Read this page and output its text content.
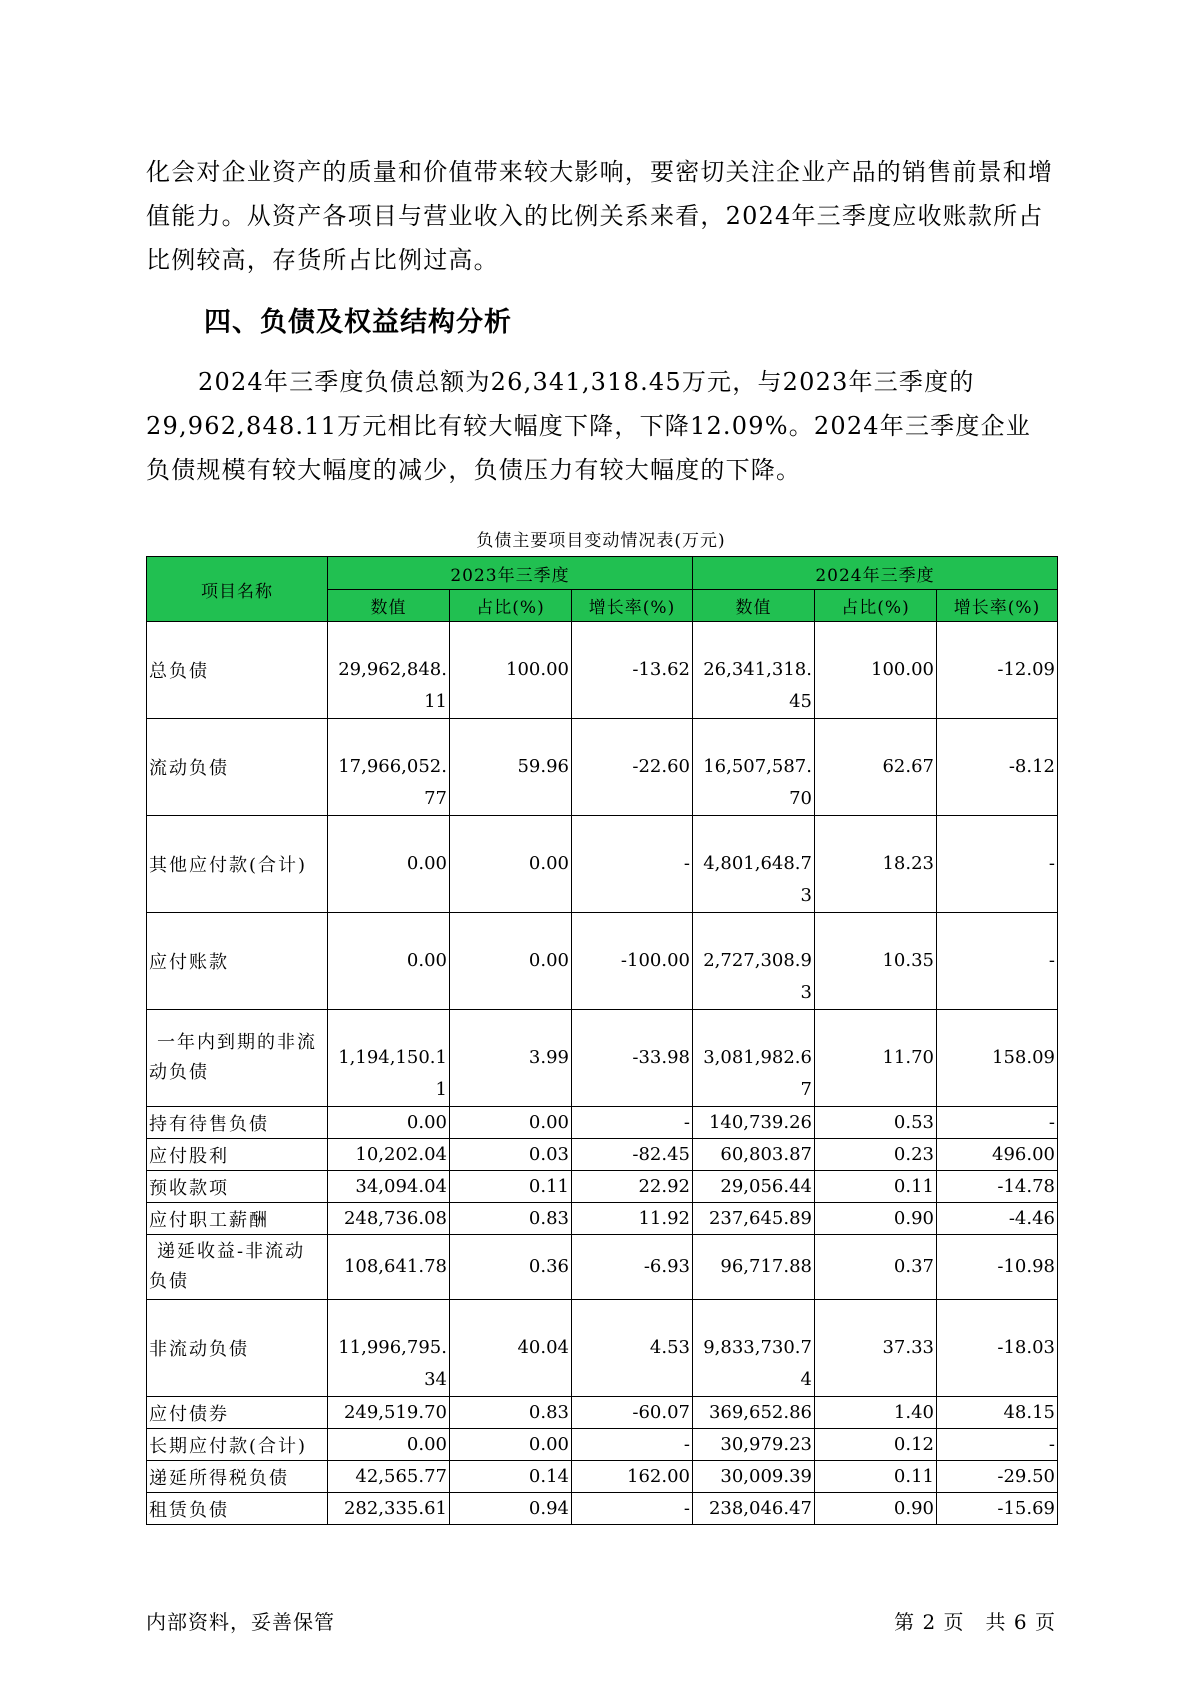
化会对企业资产的质量和价值带来较大影响，要密切关注企业产品的销售前景和增值能力。从资产各项目与营业收入的比例关系来看，2024年三季度应收账款所占比例较高，存货所占比例过高。

四、负债及权益结构分析

2024年三季度负债总额为26,341,318.45万元，与2023年三季度的29,962,848.11万元相比有较大幅度下降，下降12.09%。2024年三季度企业负债规模有较大幅度的减少，负债压力有较大幅度的下降。

负债主要项目变动情况表(万元)
项目名称	2023年三季度			2024年三季度		
	数值	占比(%)	增长率(%)	数值	占比(%)	增长率(%)
总负债	29,962,848.11	100.00	-13.62	26,341,318.45	100.00	-12.09
流动负债	17,966,052.77	59.96	-22.60	16,507,587.70	62.67	-8.12
其他应付款(合计)	0.00	0.00	-	4,801,648.73	18.23	-
应付账款	0.00	0.00	-100.00	2,727,308.93	10.35	-
一年内到期的非流动负债	1,194,150.11	3.99	-33.98	3,081,982.67	11.70	158.09
持有待售负债	0.00	0.00	-	140,739.26	0.53	-
应付股利	10,202.04	0.03	-82.45	60,803.87	0.23	496.00
预收款项	34,094.04	0.11	22.92	29,056.44	0.11	-14.78
应付职工薪酬	248,736.08	0.83	11.92	237,645.89	0.90	-4.46
递延收益-非流动负债	108,641.78	0.36	-6.93	96,717.88	0.37	-10.98
非流动负债	11,996,795.34	40.04	4.53	9,833,730.74	37.33	-18.03
应付债券	249,519.70	0.83	-60.07	369,652.86	1.40	48.15
长期应付款(合计)	0.00	0.00	-	30,979.23	0.12	-
递延所得税负债	42,565.77	0.14	162.00	30,009.39	0.11	-29.50
租赁负债	282,335.61	0.94	-	238,046.47	0.90	-15.69
内部资料，妥善保管	第 2 页　共 6 页
